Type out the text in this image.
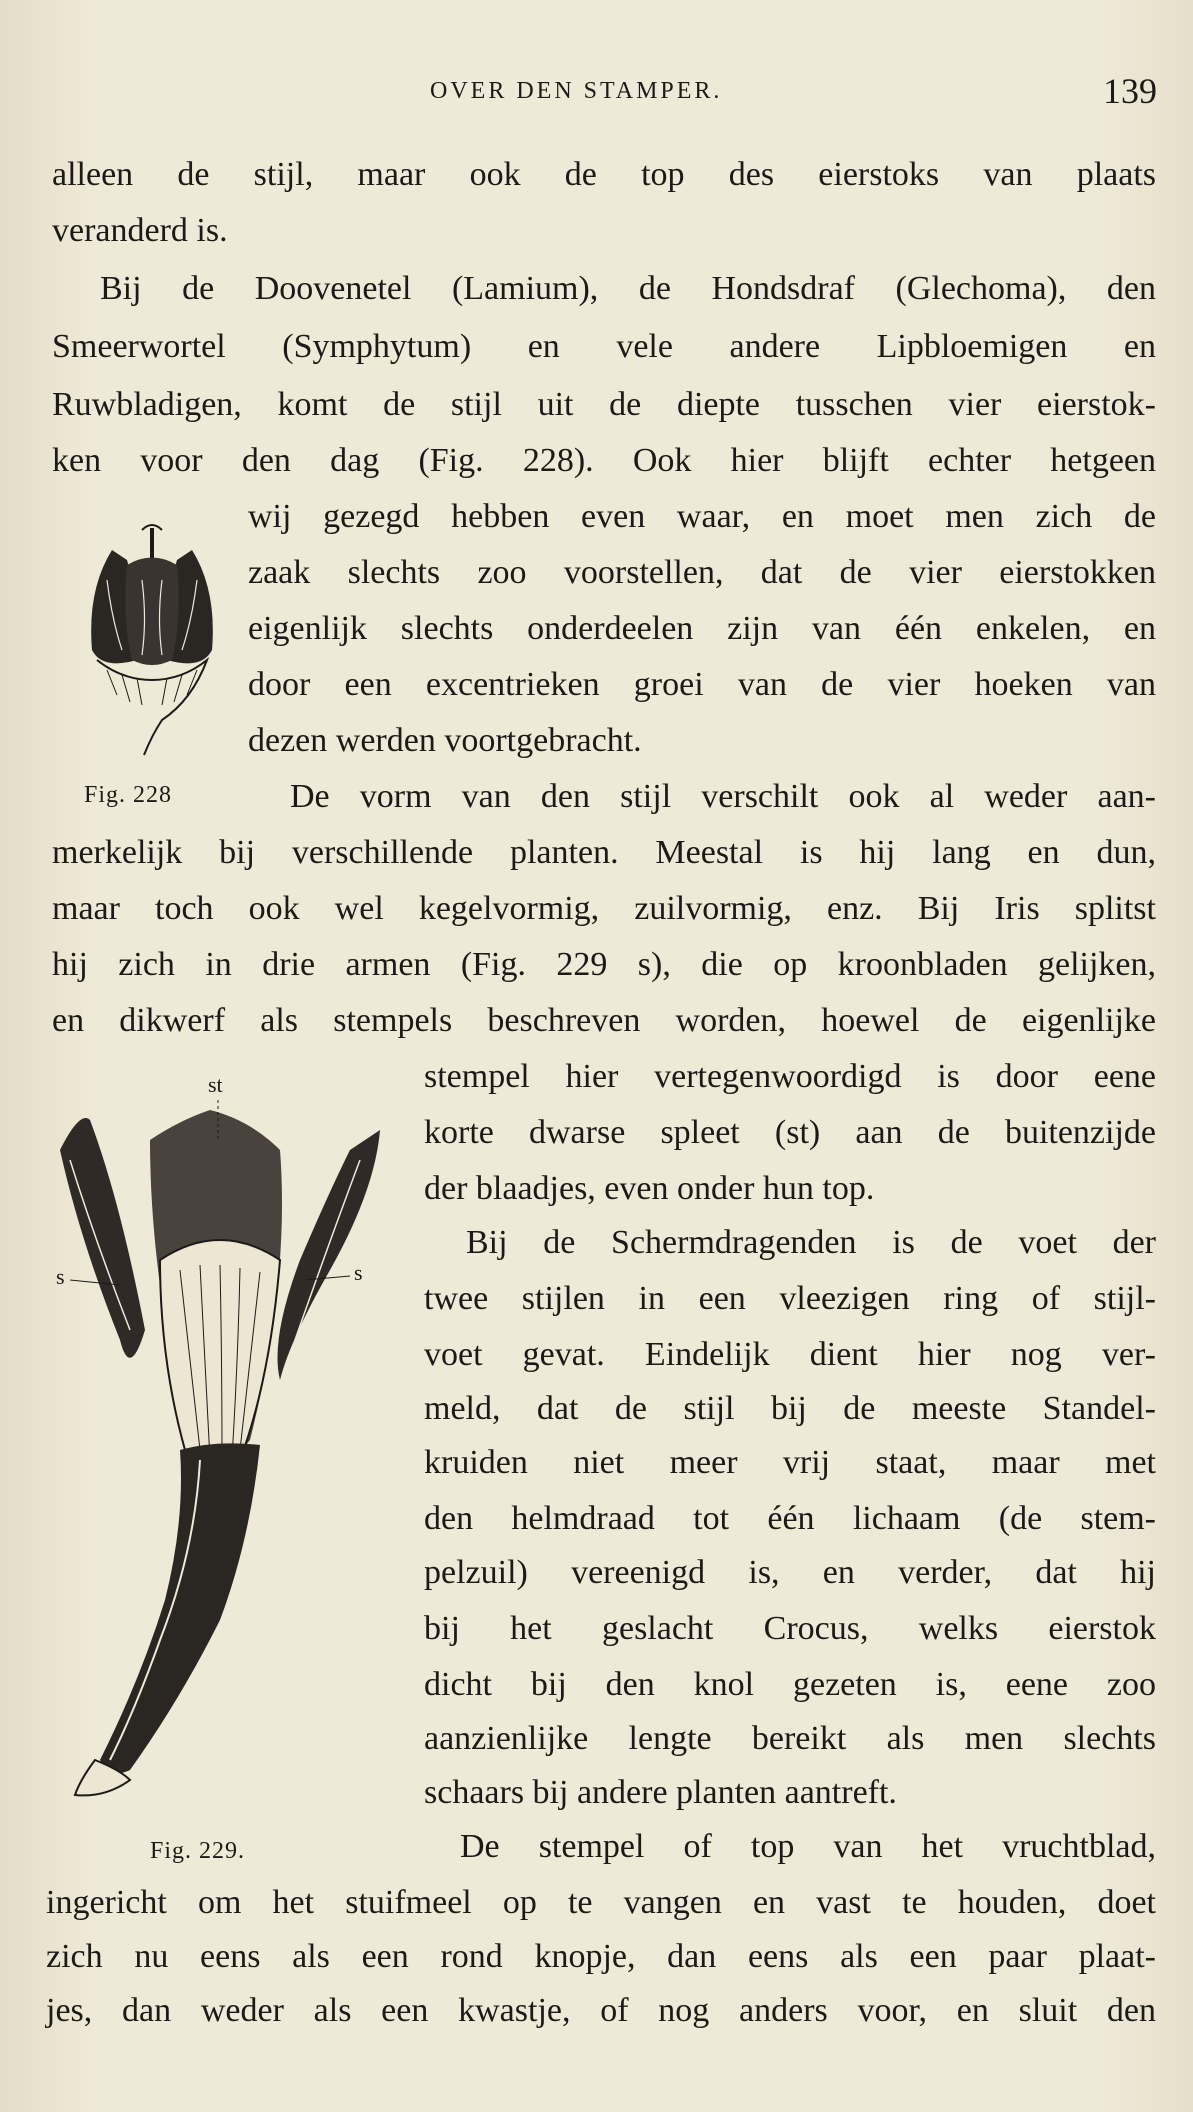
OVER DEN STAMPER.	139
alleen de stijl, maar ook de top des eierstoks van plaats
veranderd is.
Bij de Doovenetel (Lamium), de Hondsdraf (Glechoma), den
Smeerwortel (Symphytum) en vele andere Lipbloemigen en
Ruwbladigen, komt de stijl uit de diepte tusschen vier eierstok-
ken voor den dag (Fig. 228). Ook hier blijft echter hetgeen
wij gezegd hebben even waar, en moet men zich de
zaak slechts zoo voorstellen, dat de vier eierstokken
eigenlijk slechts onderdeelen zijn van één enkelen, en
door een excentrieken groei van de vier hoeken van
dezen werden voortgebracht.
De vorm van den stijl verschilt ook al weder aan-
merkelijk bij verschillende planten. Meestal is hij lang en dun,
maar toch ook wel kegelvormig, zuilvormig, enz. Bij Iris splitst
hij zich in drie armen (Fig. 229 s), die op kroonbladen gelijken,
en dikwerf als stempels beschreven worden, hoewel de eigenlijke
stempel hier vertegenwoordigd is door eene
korte dwarse spleet (st) aan de buitenzijde
der blaadjes, even onder hun top.
Bij de Schermdragenden is de voet der
twee stijlen in een vleezigen ring of stijl-
voet gevat. Eindelijk dient hier nog ver-
meld, dat de stijl bij de meeste Standel-
kruiden niet meer vrij staat, maar met
den helmdraad tot één lichaam (de stem-
pelzuil) vereenigd is, en verder, dat hij
bij het geslacht Crocus, welks eierstok
dicht bij den knol gezeten is, eene zoo
aanzienlijke lengte bereikt als men slechts
schaars bij andere planten aantreft.
De stempel of top van het vruchtblad,
ingericht om het stuifmeel op te vangen en vast te houden, doet
zich nu eens als een rond knopje, dan eens als een paar plaat-
jes, dan weder als een kwastje, of nog anders voor, en sluit den
Fig. 228
st
s	s
Fig. 229.
